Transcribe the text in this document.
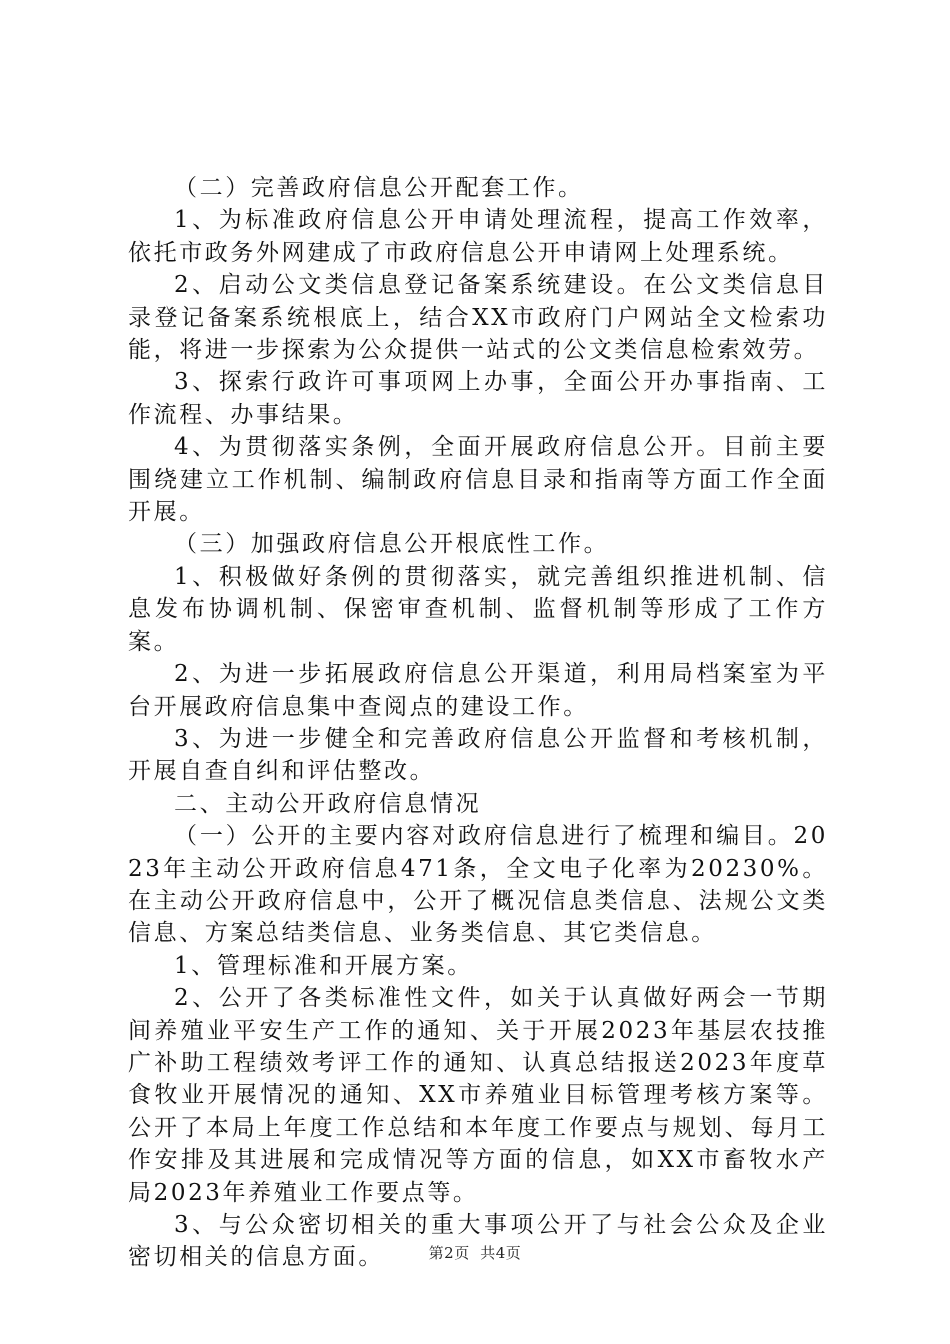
（二）完善政府信息公开配套工作。

1、为标准政府信息公开申请处理流程，提高工作效率，依托市政务外网建成了市政府信息公开申请网上处理系统。

2、启动公文类信息登记备案系统建设。在公文类信息目录登记备案系统根底上，结合XX市政府门户网站全文检索功能，将进一步探索为公众提供一站式的公文类信息检索效劳。

3、探索行政许可事项网上办事，全面公开办事指南、工作流程、办事结果。

4、为贯彻落实条例，全面开展政府信息公开。目前主要围绕建立工作机制、编制政府信息目录和指南等方面工作全面开展。

（三）加强政府信息公开根底性工作。

1、积极做好条例的贯彻落实，就完善组织推进机制、信息发布协调机制、保密审查机制、监督机制等形成了工作方案。

2、为进一步拓展政府信息公开渠道，利用局档案室为平台开展政府信息集中查阅点的建设工作。

3、为进一步健全和完善政府信息公开监督和考核机制，开展自查自纠和评估整改。

二、主动公开政府信息情况

（一）公开的主要内容对政府信息进行了梳理和编目。2023年主动公开政府信息471条，全文电子化率为20230%。在主动公开政府信息中，公开了概况信息类信息、法规公文类信息、方案总结类信息、业务类信息、其它类信息。

1、管理标准和开展方案。

2、公开了各类标准性文件，如关于认真做好两会一节期间养殖业平安生产工作的通知、关于开展2023年基层农技推广补助工程绩效考评工作的通知、认真总结报送2023年度草食牧业开展情况的通知、XX市养殖业目标管理考核方案等。公开了本局上年度工作总结和本年度工作要点与规划、每月工作安排及其进展和完成情况等方面的信息，如XX市畜牧水产局2023年养殖业工作要点等。

3、与公众密切相关的重大事项公开了与社会公众及企业密切相关的信息方面。	第2页 共4页
